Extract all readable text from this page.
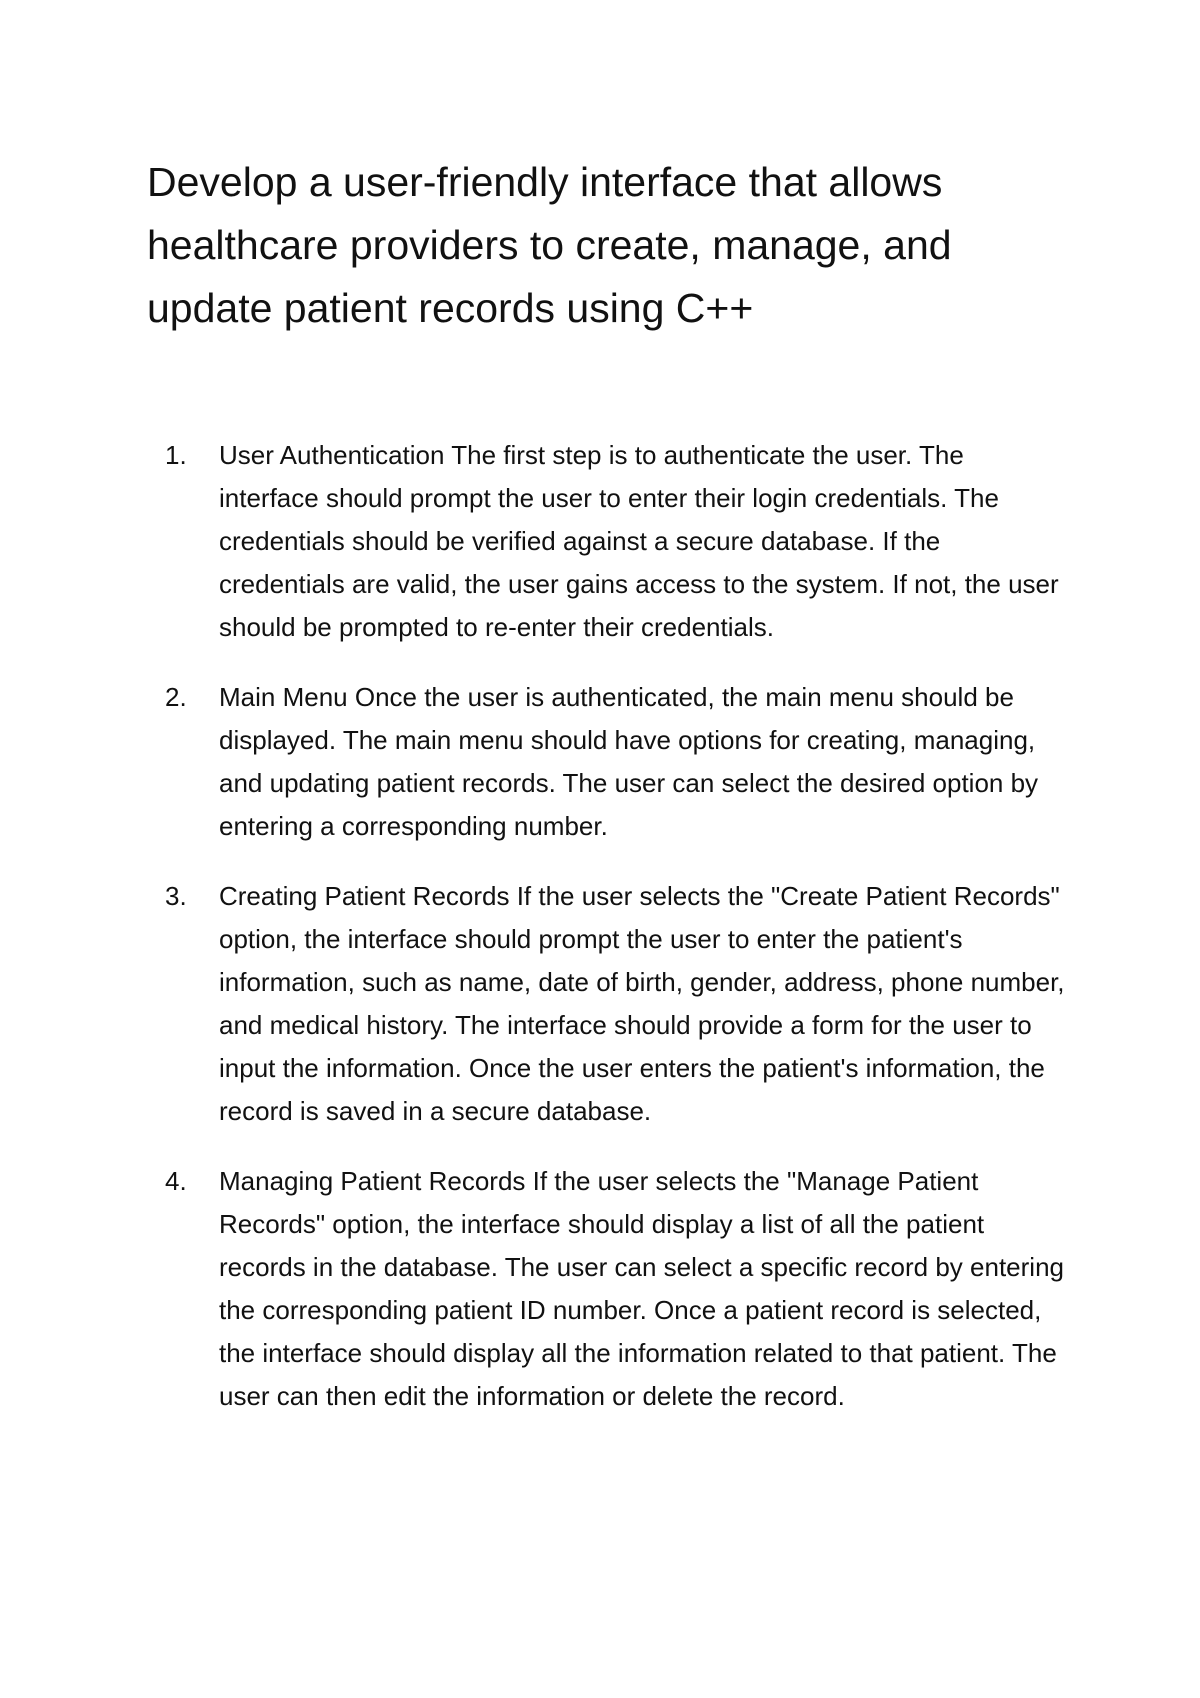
Develop a user-friendly interface that allows healthcare providers to create, manage, and update patient records using C++
1.	User Authentication The first step is to authenticate the user. The interface should prompt the user to enter their login credentials. The credentials should be verified against a secure database. If the credentials are valid, the user gains access to the system. If not, the user should be prompted to re-enter their credentials.
2.	Main Menu Once the user is authenticated, the main menu should be displayed. The main menu should have options for creating, managing, and updating patient records. The user can select the desired option by entering a corresponding number.
3.	Creating Patient Records If the user selects the "Create Patient Records" option, the interface should prompt the user to enter the patient's information, such as name, date of birth, gender, address, phone number, and medical history. The interface should provide a form for the user to input the information. Once the user enters the patient's information, the record is saved in a secure database.
4.	Managing Patient Records If the user selects the "Manage Patient Records" option, the interface should display a list of all the patient records in the database. The user can select a specific record by entering the corresponding patient ID number. Once a patient record is selected, the interface should display all the information related to that patient. The user can then edit the information or delete the record.
